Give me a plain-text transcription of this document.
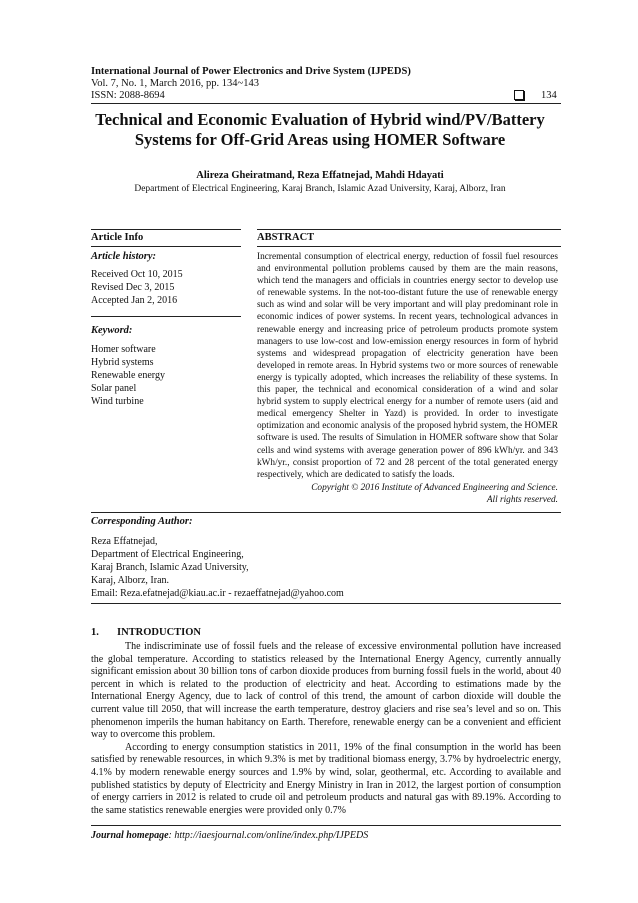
International Journal of Power Electronics and Drive System (IJPEDS)
Vol. 7, No. 1, March 2016, pp. 134~143
ISSN: 2088-8694	134
Technical and Economic Evaluation of Hybrid wind/PV/Battery
Systems for Off-Grid Areas using HOMER Software
Alireza Gheiratmand, Reza Effatnejad, Mahdi Hdayati
Department of Electrical Engineering, Karaj Branch, Islamic Azad University, Karaj, Alborz, Iran
Article Info
Article history:
Received Oct 10, 2015
Revised Dec 3, 2015
Accepted Jan 2, 2016
Keyword:
Homer software
Hybrid systems
Renewable energy
Solar panel
Wind turbine
ABSTRACT
Incremental consumption of electrical energy, reduction of fossil fuel resources and environmental pollution problems caused by them are the main reasons, which tend the managers and officials in countries energy sector to develop use of renewable systems. In the not-too-distant future the use of renewable energy such as wind and solar will be very important and will play predominant role in economic indices of power systems. In recent years, technological advances in renewable energy and increasing price of petroleum products promote system managers to use low-cost and low-emission energy resources in form of hybrid systems and widespread propagation of electricity generation have been developed in remote areas. In Hybrid systems two or more sources of renewable energy is typically adopted, which increases the reliability of these systems. In this paper, the technical and economical consideration of a wind and solar hybrid system to supply electrical energy for a number of remote users (aid and medical emergency Shelter in Yazd) is provided. In order to investigate optimization and economic analysis of the proposed hybrid system, the HOMER software is used. The results of Simulation in HOMER software show that Solar cells and wind systems with average generation power of 896 kWh/yr. and 343 kWh/yr., consist proportion of 72 and 28 percent of the total generated energy respectively, which are dedicated to satisfy the loads.
Copyright © 2016 Institute of Advanced Engineering and Science.
All rights reserved.
Corresponding Author:
Reza Effatnejad,
Department of Electrical Engineering,
Karaj Branch, Islamic Azad University,
Karaj, Alborz, Iran.
Email: Reza.efatnejad@kiau.ac.ir - rezaeffatnejad@yahoo.com
1. INTRODUCTION

The indiscriminate use of fossil fuels and the release of excessive environmental pollution have increased the global temperature. According to statistics released by the International Energy Agency, currently annually significant emission about 30 billion tons of carbon dioxide produces from burning fossil fuels in the world, about 40 percent in which is related to the production of electricity and heat. According to estimations made by the International Energy Agency, due to lack of control of this trend, the amount of carbon dioxide will double the current value till 2050, that will increase the earth temperature, destroy glaciers and rise sea’s level and so on. This phenomenon imperils the human habitancy on Earth. Therefore, renewable energy can be a convenient and efficient way to overcome this problem.

According to energy consumption statistics in 2011, 19% of the final consumption in the world has been satisfied by renewable resources, in which 9.3% is met by traditional biomass energy, 3.7% by hydroelectric energy, 4.1% by modern renewable energy sources and 1.9% by wind, solar, geothermal, etc. According to available and published statistics by deputy of Electricity and Energy Ministry in Iran in 2012, the largest portion of consumption of energy carriers in 2012 is related to crude oil and petroleum products and natural gas with 89.19%. According to the same statistics renewable energies were provided only 0.7%

Journal homepage: http://iaesjournal.com/online/index.php/IJPEDS
